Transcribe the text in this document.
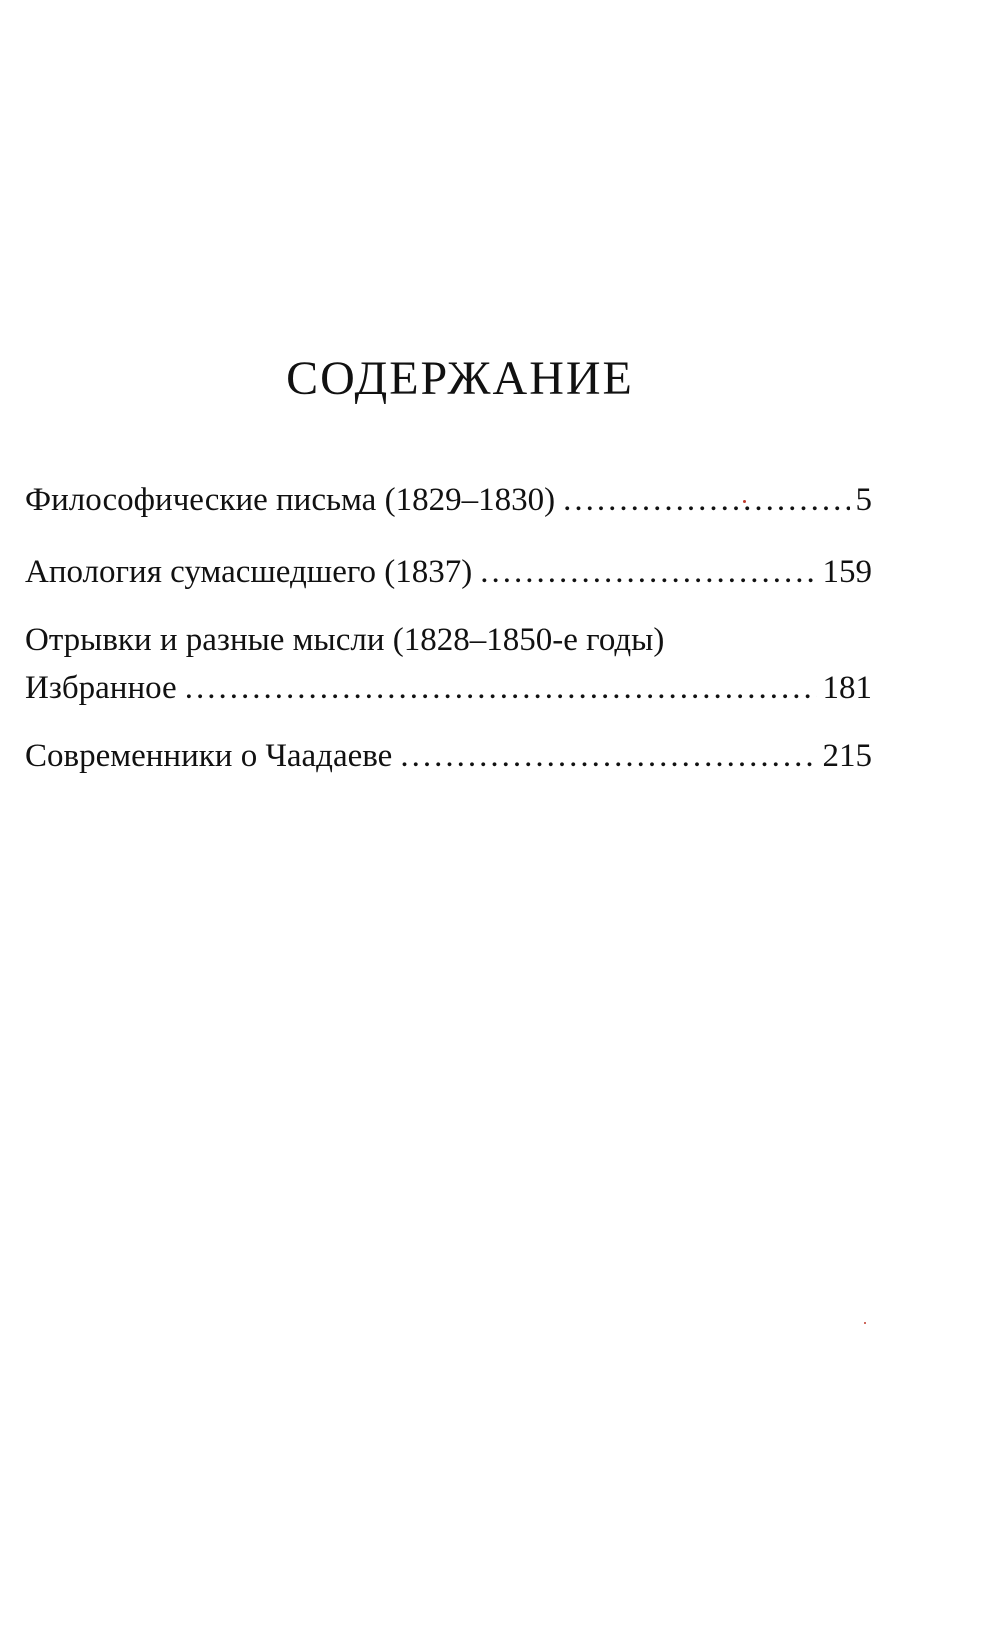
СОДЕРЖАНИЕ
Философические письма (1829–1830) .....	5
Апология сумасшедшего (1837) .....	159
Отрывки и разные мысли (1828–1850-е годы)
Избранное .....	181
Современники о Чаадаеве .....	215
